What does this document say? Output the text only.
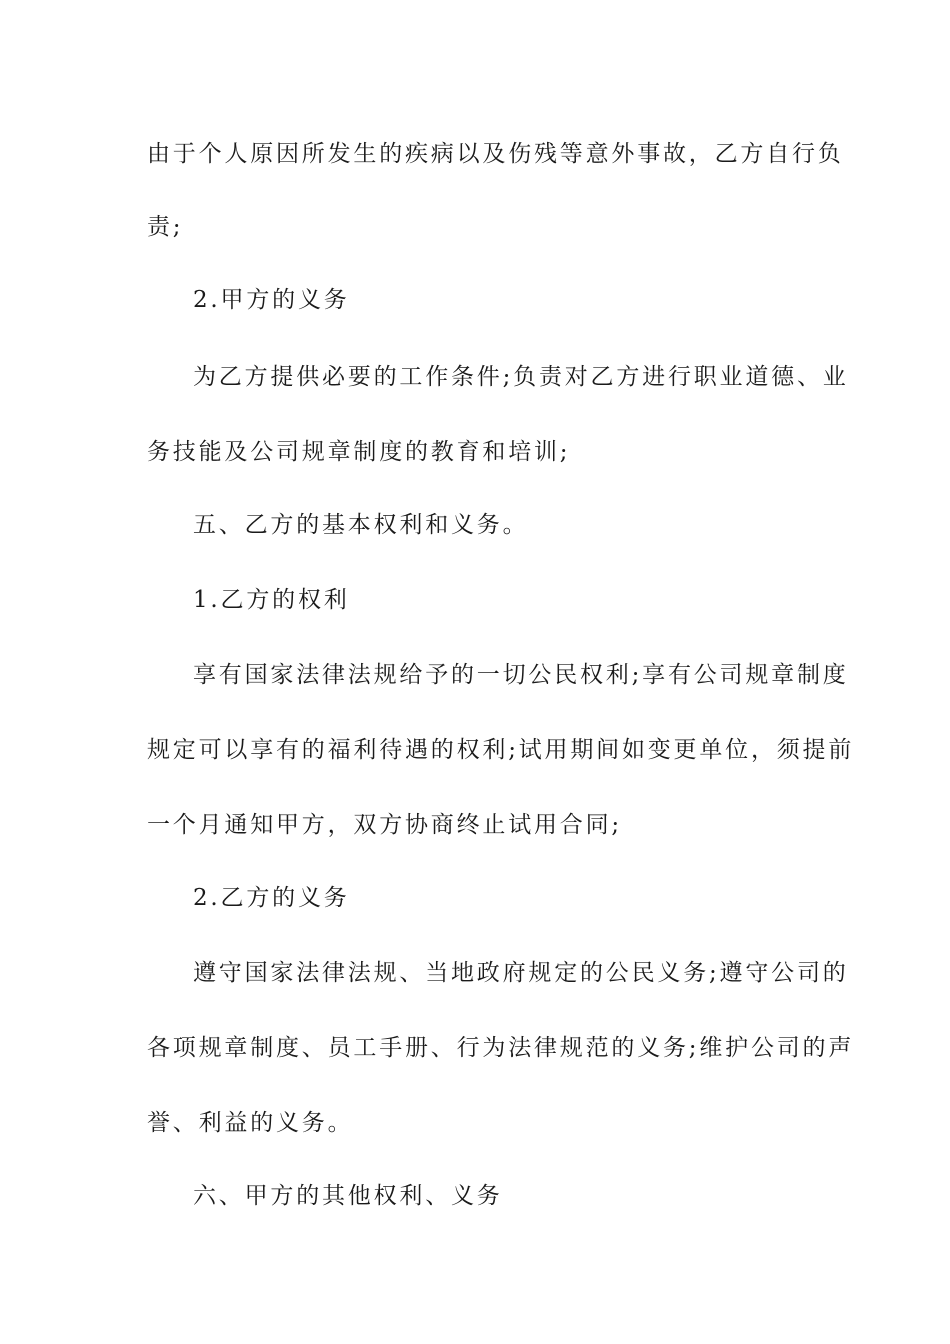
由于个人原因所发生的疾病以及伤残等意外事故，乙方自行负
责;
2.甲方的义务
为乙方提供必要的工作条件;负责对乙方进行职业道德、业
务技能及公司规章制度的教育和培训;
五、乙方的基本权利和义务。
1.乙方的权利
享有国家法律法规给予的一切公民权利;享有公司规章制度
规定可以享有的福利待遇的权利;试用期间如变更单位，须提前
一个月通知甲方，双方协商终止试用合同;
2.乙方的义务
遵守国家法律法规、当地政府规定的公民义务;遵守公司的
各项规章制度、员工手册、行为法律规范的义务;维护公司的声
誉、利益的义务。
六、甲方的其他权利、义务
